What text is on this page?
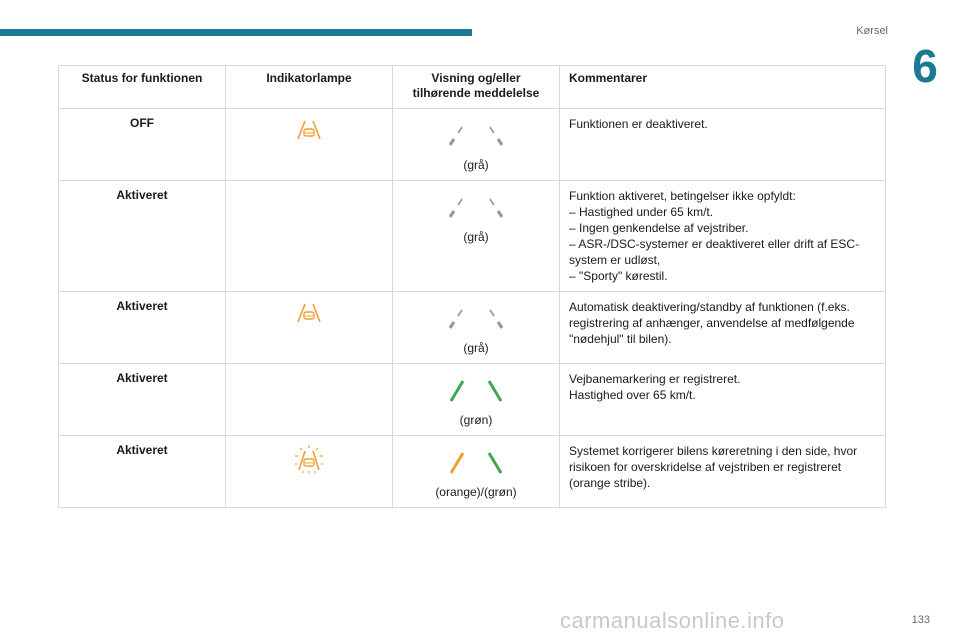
Kørsel
6
Status for funktionen	Indikatorlampe	Visning og/eller tilhørende meddelelse	Kommentarer
OFF		(grå)	Funktionen er deaktiveret.

Aktiveret		(grå)	Funktion aktiveret, betingelser ikke opfyldt:
– Hastighed under 65 km/t.
– Ingen genkendelse af vejstriber.
– ASR-/DSC-systemer er deaktiveret eller drift af ESC-system er udløst,
– "Sporty" kørestil.

Aktiveret		(grå)	Automatisk deaktivering/standby af funktionen (f.eks. registrering af anhænger, anvendelse af medfølgende "nødehjul" til bilen).

Aktiveret		(grøn)	Vejbanemarkering er registreret.
Hastighed over 65 km/t.

Aktiveret		(orange)/(grøn)	Systemet korrigerer bilens køreretning i den side, hvor risikoen for overskridelse af vejstriben er registreret (orange stribe).
133
carmanualsonline.info
